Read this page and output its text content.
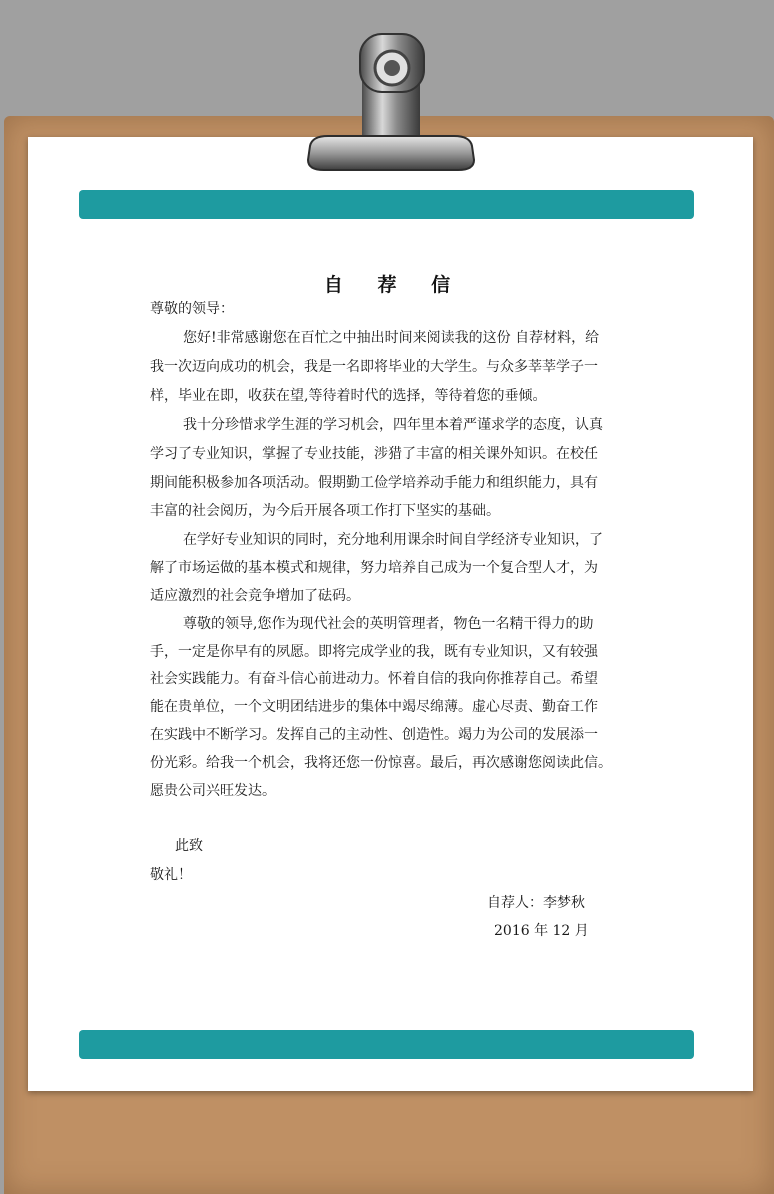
自 荐 信
尊敬的领导：
您好!非常感谢您在百忙之中抽出时间来阅读我的这份 自荐材料，给
我一次迈向成功的机会，我是一名即将毕业的大学生。与众多莘莘学子一
样，毕业在即，收获在望,等待着时代的选择，等待着您的垂倾。
我十分珍惜求学生涯的学习机会，四年里本着严谨求学的态度，认真
学习了专业知识，掌握了专业技能，涉猎了丰富的相关课外知识。在校任
期间能积极参加各项活动。假期勤工俭学培养动手能力和组织能力，具有
丰富的社会阅历，为今后开展各项工作打下坚实的基础。
在学好专业知识的同时，充分地利用课余时间自学经济专业知识，了
解了市场运做的基本模式和规律，努力培养自己成为一个复合型人才，为
适应激烈的社会竞争增加了砝码。
尊敬的领导,您作为现代社会的英明管理者，物色一名精干得力的助
手，一定是你早有的夙愿。即将完成学业的我，既有专业知识，又有较强
社会实践能力。有奋斗信心前进动力。怀着自信的我向你推荐自己。希望
能在贵单位，一个文明团结进步的集体中竭尽绵薄。虚心尽责、勤奋工作
在实践中不断学习。发挥自己的主动性、创造性。竭力为公司的发展添一
份光彩。给我一个机会，我将还您一份惊喜。最后，再次感谢您阅读此信。
愿贵公司兴旺发达。
此致
敬礼！
自荐人：李梦秋
2016 年 12 月
